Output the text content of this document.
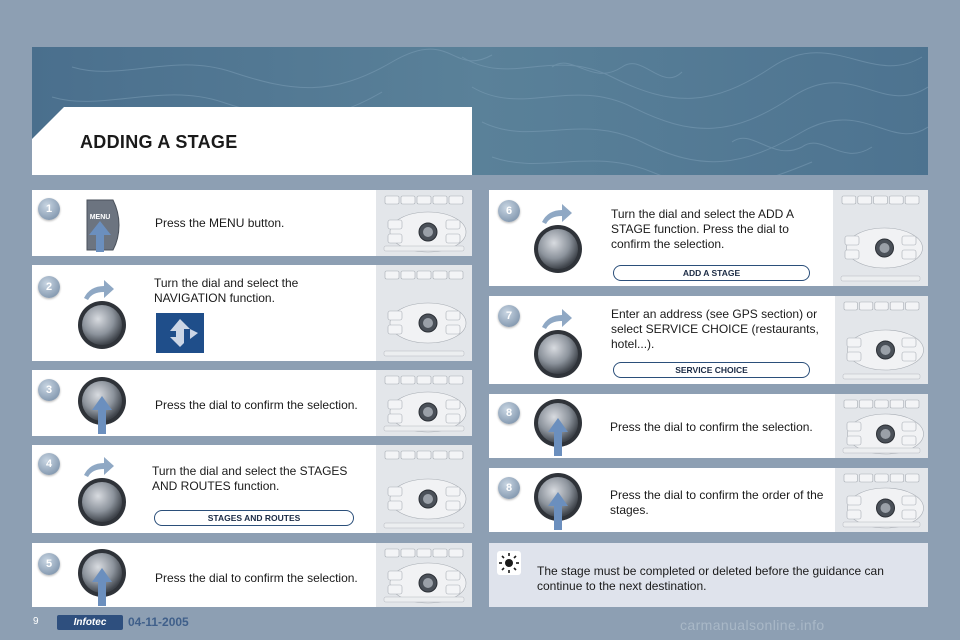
ADDING A STAGE
1
MENU	Press the MENU button.
2	Turn the dial and select the NAVIGATION function.
3
Press the dial to confirm the selection.
4	Turn the dial and select the STAGES AND ROUTES function.
STAGES AND ROUTES
5
Press the dial to confirm the selection.
6	Turn the dial and select the ADD A STAGE function. Press the dial to confirm the selection.
ADD A STAGE
7	Enter an address (see GPS section) or select SERVICE CHOICE (restaurants, hotel...).
SERVICE CHOICE
8
Press the dial to confirm the selection.
8	Press the dial to confirm the order of the stages.
The stage must be completed or deleted before the guidance can continue to the next destination.
9	Infotec	04-11-2005	carmanualsonline.info
